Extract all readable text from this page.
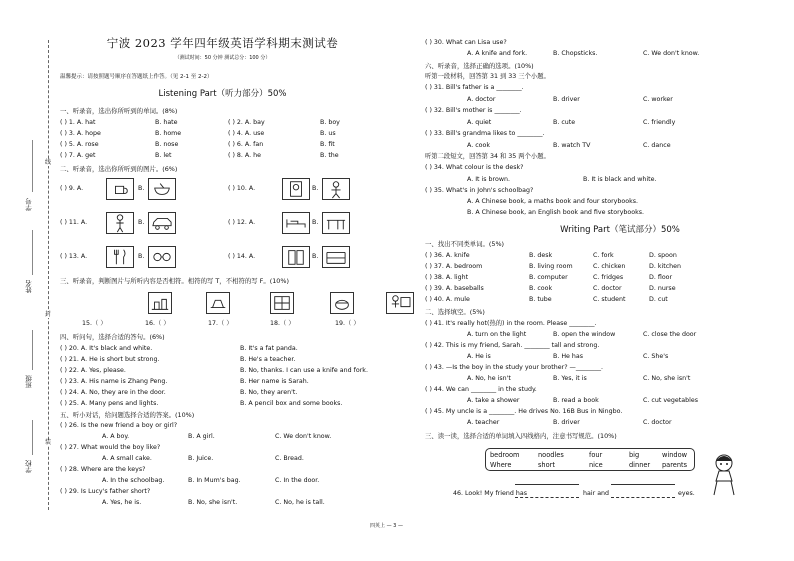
学校
班级
姓名
学号
线
封
装
宁波 2023 学年四年级英语学科期末测试卷
（测试时间：50 分钟 测试总分：100 分）
温馨提示：请按照题号顺序在答题纸上作答。（见 2-1 至 2-2）
Listening Part（听力部分）50%
一、听录音，选出你所听到的单词。(8%)
( ) 1. A. hat	B. hate	( ) 2. A. bay	B. boy
( ) 3. A. hope	B. home	( ) 4. A. use	B. us
( ) 5. A. rose	B. nose	( ) 6. A. fan	B. fit
( ) 7. A. get	B. let	( ) 8. A. he	B. the
二、听录音，选出你所听到的图片。(6%)
( ) 9. A.	B.	( ) 10. A.	B.
( ) 11. A.	B.	( ) 12. A.	B.
( ) 13. A.	B.	( ) 14. A.	B.
三、听录音，判断图片与所听内容是否相符。相符的写 T，不相符的写 F。(10%)
15.（ ）	16.（ ）	17.（ ）	18.（ ）	19.（ ）
四、听问句，选择合适的答句。(6%)
( ) 20. A. It's black and white.	B. It's a fat panda.
( ) 21. A. He is short but strong.	B. He's a teacher.
( ) 22. A. Yes, please.	B. No, thanks. I can use a knife and fork.
( ) 23. A. His name is Zhang Peng.	B. Her name is Sarah.
( ) 24. A. No, they are in the door.	B. No, they aren't.
( ) 25. A. Many pens and lights.	B. A pencil box and some books.
五、听小对话，给问题选择合适的答案。(10%)
( ) 26. Is the new friend a boy or girl?
A. A boy.	B. A girl.	C. We don't know.
( ) 27. What would the boy like?
A. A small cake.	B. Juice.	C. Bread.
( ) 28. Where are the keys?
A. In the schoolbag.	B. In Mum's bag.	C. In the door.
( ) 29. Is Lucy's father short?
A. Yes, he is.	B. No, she isn't.	C. No, he is tall.
( ) 30. What can Lisa use?
A. A knife and fork.	B. Chopsticks.	C. We don't know.
六、听录音，选择正确的选项。(10%)
听第一段材料，回答第 31 到 33 三个小题。
( ) 31. Bill's father is a ________.
A. doctor	B. driver	C. worker
( ) 32. Bill's mother is ________.
A. quiet	B. cute	C. friendly
( ) 33. Bill's grandma likes to ________.
A. cook	B. watch TV	C. dance
听第二段短文，回答第 34 和 35 两个小题。
( ) 34. What colour is the desk?
A. It is brown.	B. It is black and white.
( ) 35. What's in John's schoolbag?
A. A Chinese book, a maths book and four storybooks.
B. A Chinese book, an English book and five storybooks.
Writing Part（笔试部分）50%
一、找出不同类单词。(5%)
( ) 36. A. knife	B. desk	C. fork	D. spoon
( ) 37. A. bedroom	B. living room	C. chicken	D. kitchen
( ) 38. A. light	B. computer	C. fridges	D. floor
( ) 39. A. baseballs	B. cook	C. doctor	D. nurse
( ) 40. A. mule	B. tube	C. student	D. cut
二、选择填空。(5%)
( ) 41. It's really hot(热的) in the room. Please ________.
A. turn on the light	B. open the window	C. close the door
( ) 42. This is my friend, Sarah. ________ tall and strong.
A. He is	B. He has	C. She's
( ) 43. —Is the boy in the study your brother? —________.
A. No, he isn't	B. Yes, it is	C. No, she isn't
( ) 44. We can ________ in the study.
A. take a shower	B. read a book	C. cut vegetables
( ) 45. My uncle is a ________. He drives No. 16B Bus in Ningbo.
A. teacher	B. driver	C. doctor
三、读一读，选择合适的单词填入四线格内，注意书写规范。(10%)
bedroom	noodles	four	big	window
Where	short	nice	dinner parents
46. Look! My friend has	hair and	eyes.
四英上 — 3 —
